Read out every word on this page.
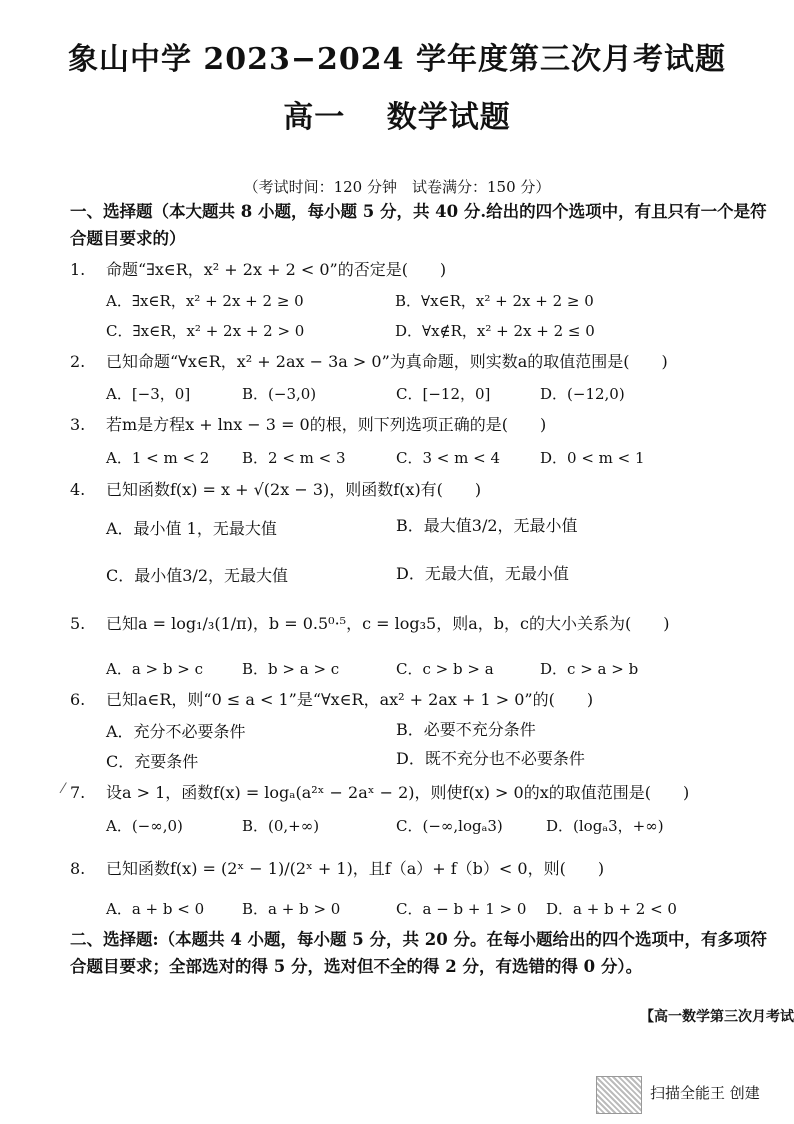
象山中学 2023−2024 学年度第三次月考试题
高一 数学试题
（考试时间：120 分钟　试卷满分：150 分）
一、选择题（本大题共 8 小题，每小题 5 分，共 40 分.给出的四个选项中，有且只有一个是符合题目要求的）
1. 命题“∃x∈R，x² + 2x + 2 < 0”的否定是(　　)
A．∃x∈R，x² + 2x + 2 ≥ 0	B．∀x∈R，x² + 2x + 2 ≥ 0
C．∃x∈R，x² + 2x + 2 > 0	D．∀x∉R，x² + 2x + 2 ≤ 0
2. 已知命题“∀x∈R，x² + 2ax − 3a > 0”为真命题，则实数a的取值范围是(　　)
A．[−3，0]	B．(−3,0)	C．[−12，0]	D．(−12,0)
3. 若m是方程x + lnx − 3 = 0的根，则下列选项正确的是(　　)
A．1 < m < 2 B．2 < m < 3	C．3 < m < 4	D．0 < m < 1
4. 已知函数f(x) = x + √(2x − 3)，则函数f(x)有(　　)
A．最小值 1，无最大值	B．最大值3/2，无最小值
C．最小值3/2，无最大值	D．无最大值，无最小值
5. 已知a = log₁/₃(1/π)，b = 0.5⁰·⁵，c = log₃5，则a，b，c的大小关系为(　　)
A．a > b > c	B．b > a > c	C．c > b > a	D．c > a > b
6. 已知a∈R，则“0 ≤ a < 1”是“∀x∈R，ax² + 2ax + 1 > 0”的(　　)
A．充分不必要条件	B．必要不充分条件
C．充要条件	D．既不充分也不必要条件
⁄ 7. 设a > 1，函数f(x) = logₐ(a²ˣ − 2aˣ − 2)，则使f(x) > 0的x的取值范围是(　　)
A．(−∞,0)	B．(0,+∞)	C．(−∞,logₐ3)	D．(logₐ3，+∞)
8. 已知函数f(x) = (2ˣ − 1)/(2ˣ + 1)，且f（a）+ f（b）< 0，则(　　)
A．a + b < 0	B．a + b > 0	C．a − b + 1 > 0 D．a + b + 2 < 0
二、选择题:（本题共 4 小题，每小题 5 分，共 20 分。在每小题给出的四个选项中，有多项符合题目要求；全部选对的得 5 分，选对但不全的得 2 分，有选错的得 0 分）。
【高一数学第三次月考试
扫描全能王 创建
